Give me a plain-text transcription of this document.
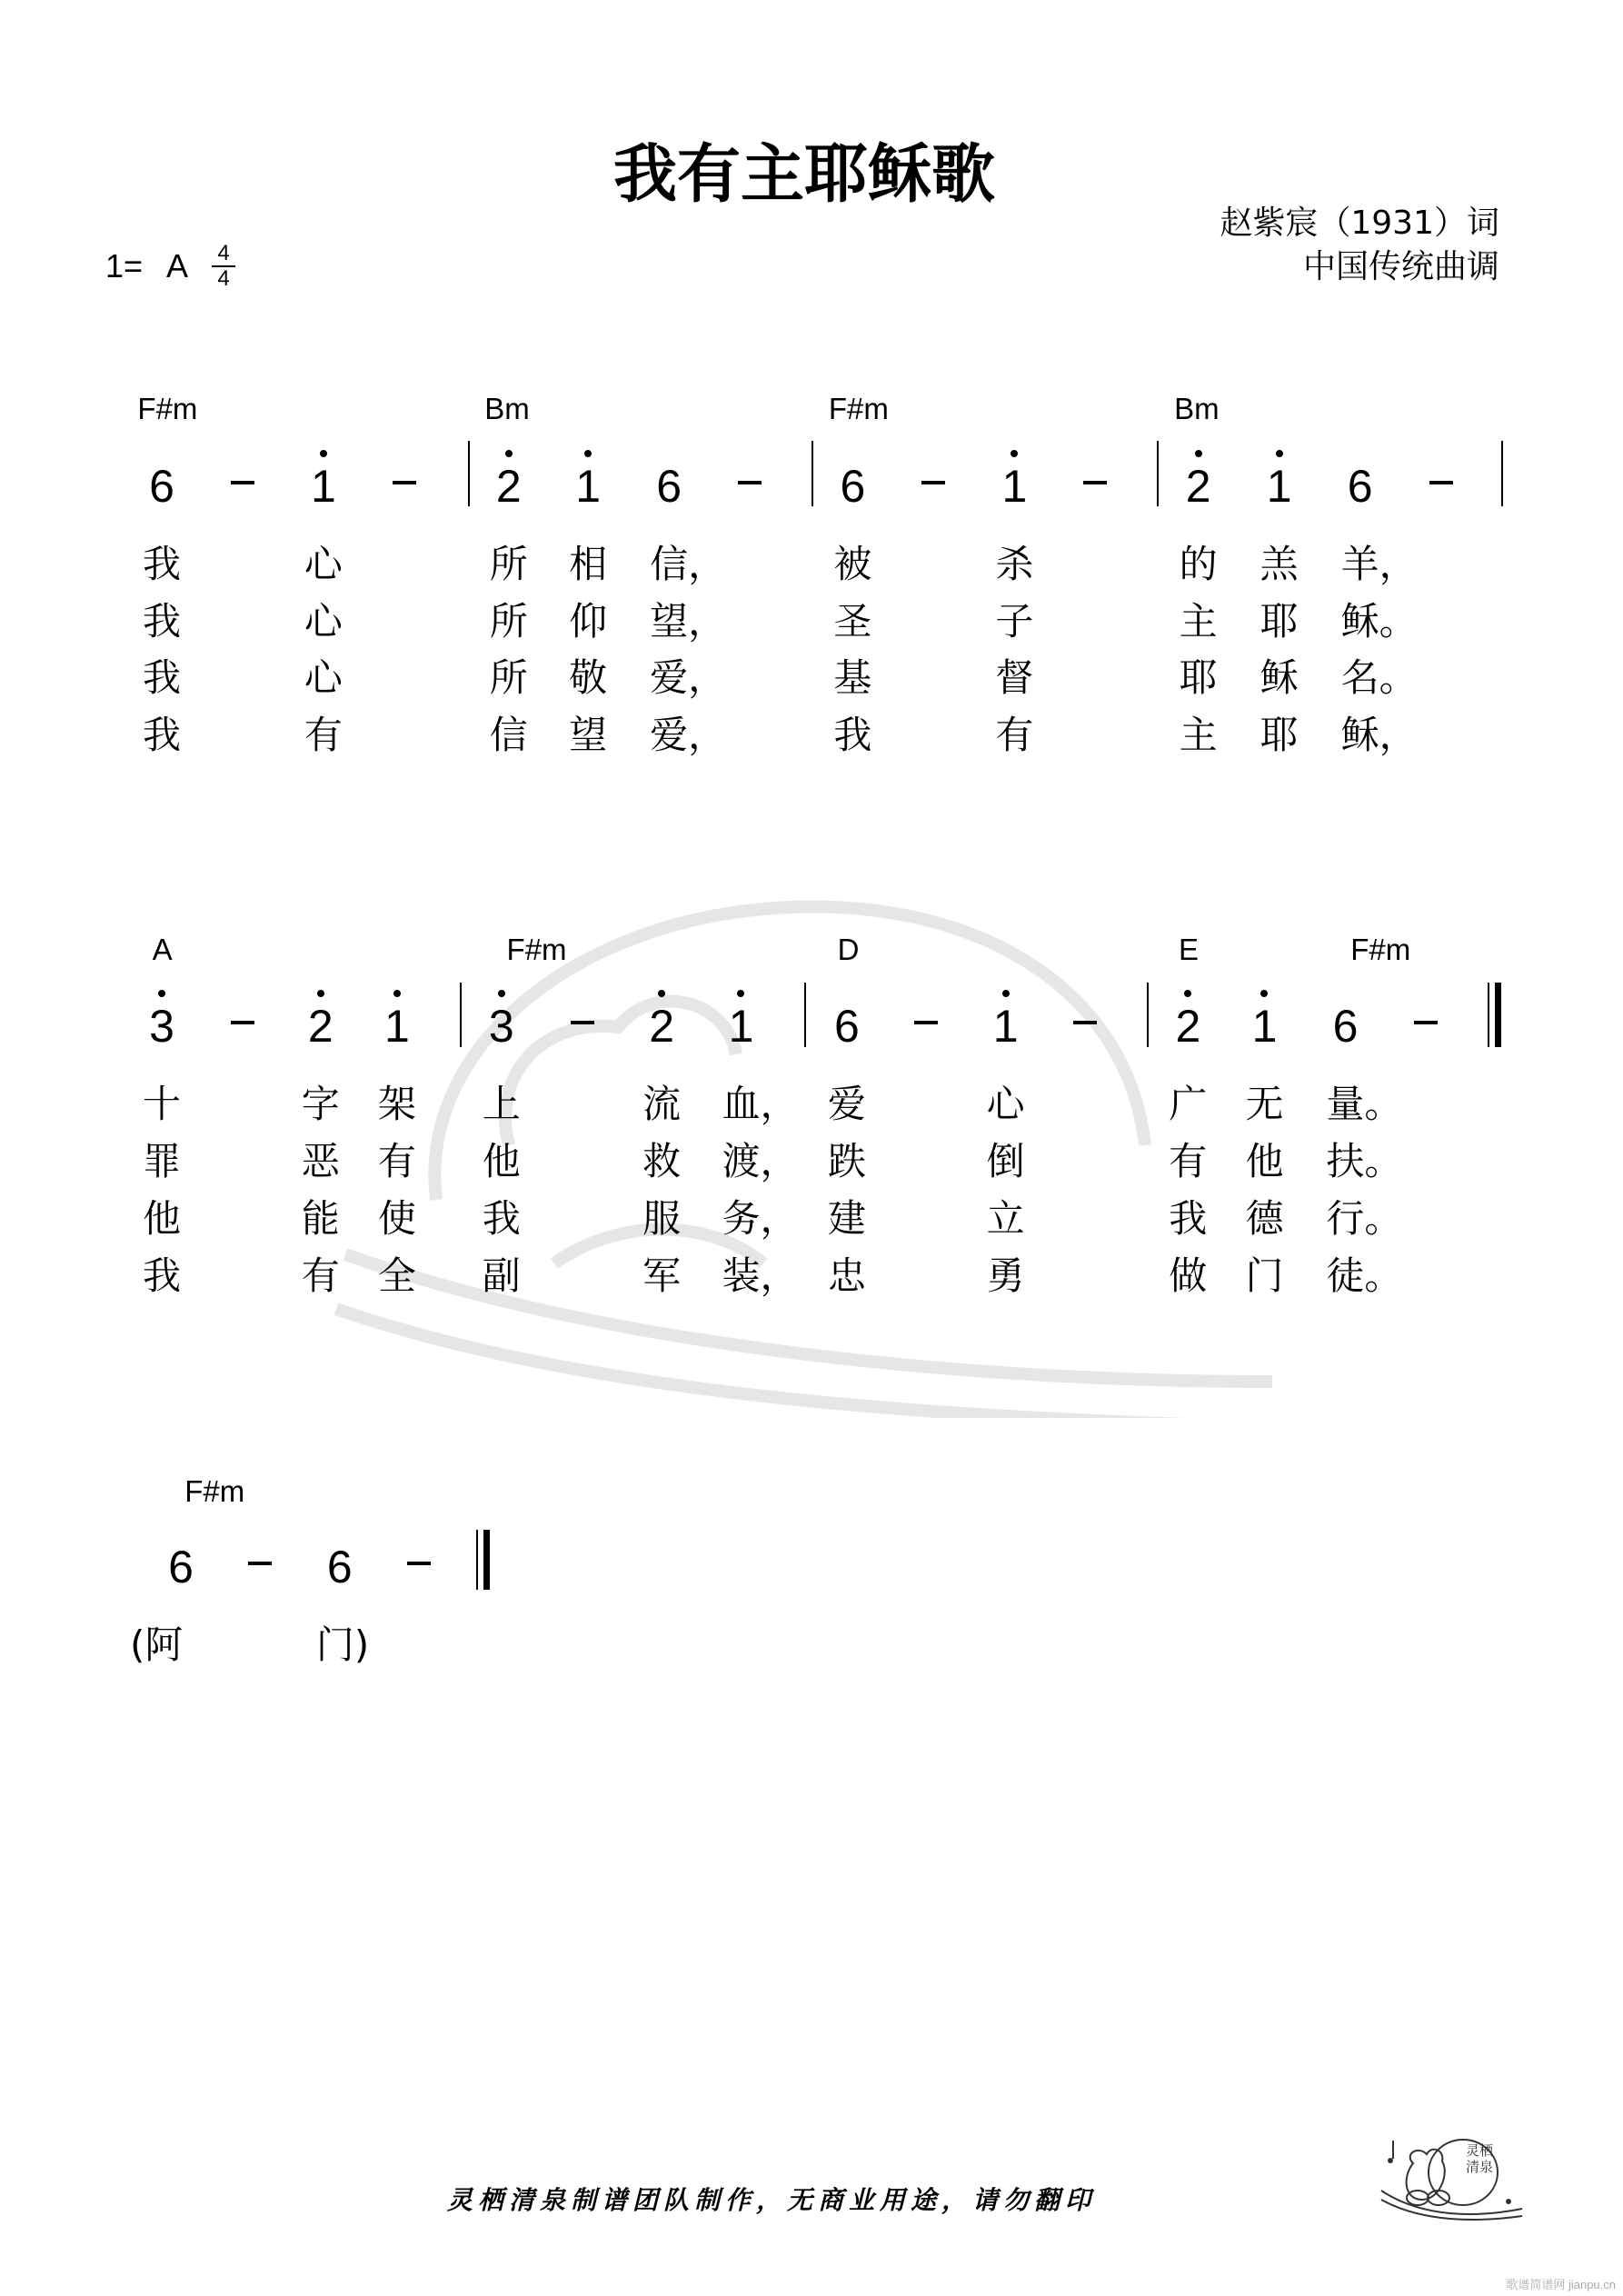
我有主耶稣歌
1= A $\frac{4}{4}$
赵紫宸（1931）词
中国传统曲调
F#m	Bm	F#m	Bm
6	1	2 1 6	6	1	2 1 6
我	心	所 相 信，	被	杀	的 羔 羊，
我	心	所 仰 望，	圣	子	主 耶 稣。
我	心	所 敬 爱，	基	督	耶 稣 名。
我	有	信 望 爱，	我	有	主 耶 稣，
A	F#m	D	E	F#m
3	2 1 3	2 1 6	1	2 1 6
十	字 架 上	流 血， 爱	心	广 无 量。
罪	恶 有 他	救 渡， 跌	倒	有 他 扶。
他	能 使 我	服 务， 建	立	我 德 行。
我	有 全 副	军 装， 忠	勇	做 门 徒。
F#m
6	6
(阿	门)
灵栖清泉制谱团队制作，无商业用途，请勿翻印
灵栖清泉
歌谱简谱网 jianpu.cn
